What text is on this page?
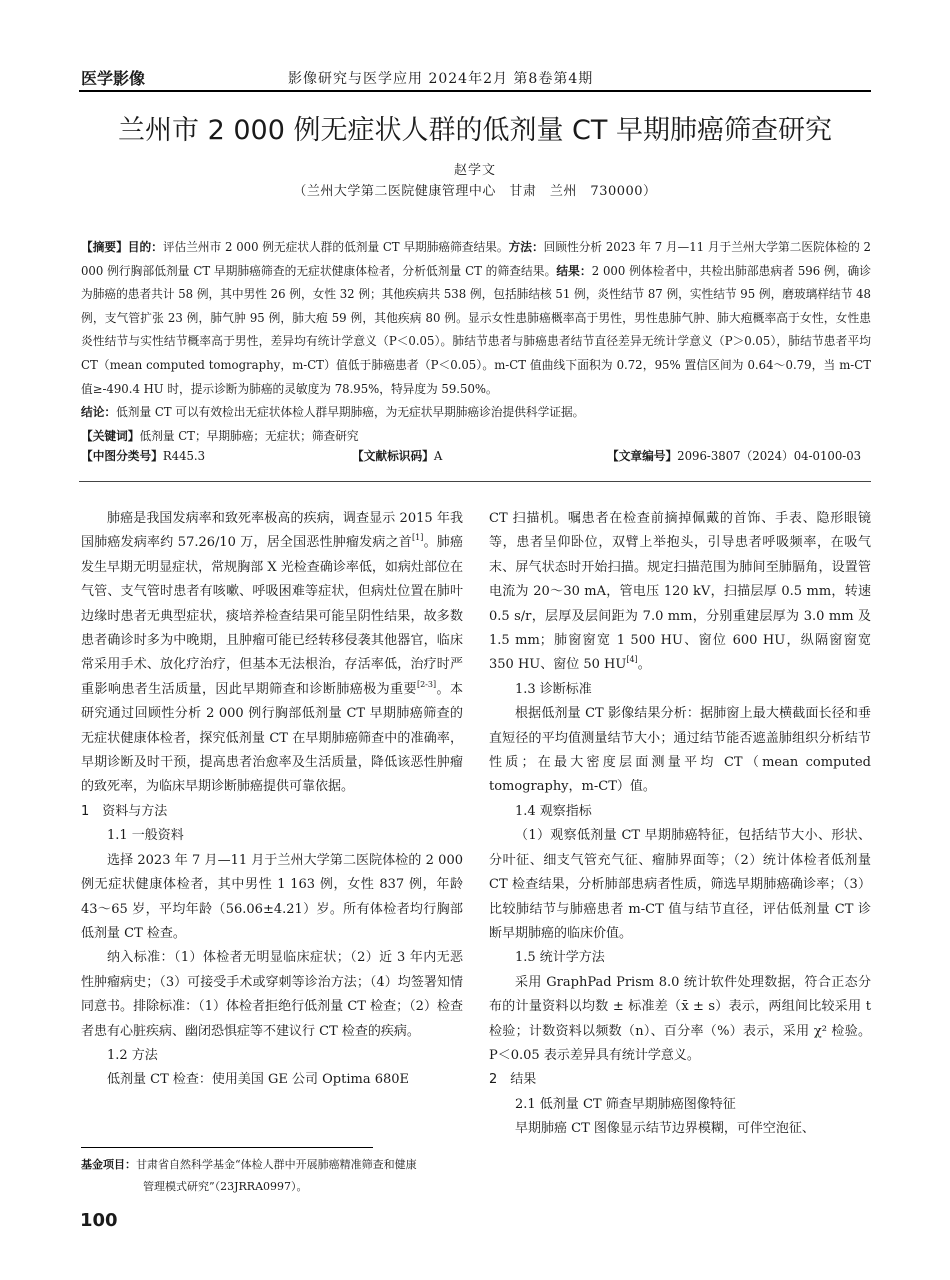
医学影像	影像研究与医学应用 2024年2月 第8卷第4期
兰州市 2 000 例无症状人群的低剂量 CT 早期肺癌筛查研究
赵学文
（兰州大学第二医院健康管理中心　甘肃　兰州　730000）
【摘要】目的：评估兰州市 2 000 例无症状人群的低剂量 CT 早期肺癌筛查结果。方法：回顾性分析 2023 年 7 月—11 月于兰州大学第二医院体检的 2 000 例行胸部低剂量 CT 早期肺癌筛查的无症状健康体检者，分析低剂量 CT 的筛查结果。结果：2 000 例体检者中，共检出肺部患病者 596 例，确诊为肺癌的患者共计 58 例，其中男性 26 例，女性 32 例；其他疾病共 538 例，包括肺结核 51 例，炎性结节 87 例，实性结节 95 例，磨玻璃样结节 48 例，支气管扩张 23 例，肺气肿 95 例，肺大疱 59 例，其他疾病 80 例。显示女性患肺癌概率高于男性，男性患肺气肿、肺大疱概率高于女性，女性患炎性结节与实性结节概率高于男性，差异均有统计学意义（P＜0.05）。肺结节患者与肺癌患者结节直径差异无统计学意义（P＞0.05），肺结节患者平均 CT（mean computed tomography，m-CT）值低于肺癌患者（P＜0.05）。m-CT 值曲线下面积为 0.72，95% 置信区间为 0.64～0.79，当 m-CT 值≥-490.4 HU 时，提示诊断为肺癌的灵敏度为 78.95%，特异度为 59.50%。
结论：低剂量 CT 可以有效检出无症状体检人群早期肺癌，为无症状早期肺癌诊治提供科学证据。
【关键词】低剂量 CT；早期肺癌；无症状；筛查研究
【中图分类号】R445.3	【文献标识码】A	【文章编号】2096-3807（2024）04-0100-03

肺癌是我国发病率和致死率极高的疾病，调查显示 2015 年我国肺癌发病率约 57.26/10 万，居全国恶性肿瘤发病之首[1]。肺癌发生早期无明显症状，常规胸部 X 光检查确诊率低，如病灶部位在气管、支气管时患者有咳嗽、呼吸困难等症状，但病灶位置在肺叶边缘时患者无典型症状，痰培养检查结果可能呈阴性结果，故多数患者确诊时多为中晚期，且肿瘤可能已经转移侵袭其他器官，临床常采用手术、放化疗治疗，但基本无法根治，存活率低，治疗时严重影响患者生活质量，因此早期筛查和诊断肺癌极为重要[2-3]。本研究通过回顾性分析 2 000 例行胸部低剂量 CT 早期肺癌筛查的无症状健康体检者，探究低剂量 CT 在早期肺癌筛查中的准确率，早期诊断及时干预，提高患者治愈率及生活质量，降低该恶性肿瘤的致死率，为临床早期诊断肺癌提供可靠依据。

1　资料与方法
1.1 一般资料

选择 2023 年 7 月—11 月于兰州大学第二医院体检的 2 000 例无症状健康体检者，其中男性 1 163 例，女性 837 例，年龄 43～65 岁，平均年龄（56.06±4.21）岁。所有体检者均行胸部低剂量 CT 检查。

纳入标准：（1）体检者无明显临床症状；（2）近 3 年内无恶性肿瘤病史；（3）可接受手术或穿刺等诊治方法；（4）均签署知情同意书。排除标准：（1）体检者拒绝行低剂量 CT 检查；（2）检查者患有心脏疾病、幽闭恐惧症等不建议行 CT 检查的疾病。

1.2 方法

低剂量 CT 检查：使用美国 GE 公司 Optima 680E

CT 扫描机。嘱患者在检查前摘掉佩戴的首饰、手表、隐形眼镜等，患者呈仰卧位，双臂上举抱头，引导患者呼吸频率，在吸气末、屏气状态时开始扫描。规定扫描范围为肺间至肺膈角，设置管电流为 20～30 mA，管电压 120 kV，扫描层厚 0.5 mm，转速 0.5 s/r，层厚及层间距为 7.0 mm，分别重建层厚为 3.0 mm 及 1.5 mm；肺窗窗宽 1 500 HU、窗位 600 HU，纵隔窗窗宽 350 HU、窗位 50 HU[4]。

1.3 诊断标准

根据低剂量 CT 影像结果分析：据肺窗上最大横截面长径和垂直短径的平均值测量结节大小；通过结节能否遮盖肺组织分析结节性质；在最大密度层面测量平均 CT（mean computed tomography，m-CT）值。

1.4 观察指标

（1）观察低剂量 CT 早期肺癌特征，包括结节大小、形状、分叶征、细支气管充气征、瘤肺界面等；（2）统计体检者低剂量 CT 检查结果，分析肺部患病者性质，筛选早期肺癌确诊率；（3）比较肺结节与肺癌患者 m-CT 值与结节直径，评估低剂量 CT 诊断早期肺癌的临床价值。

1.5 统计学方法

采用 GraphPad Prism 8.0 统计软件处理数据，符合正态分布的计量资料以均数 ± 标准差（x̄ ± s）表示，两组间比较采用 t 检验；计数资料以频数（n）、百分率（%）表示，采用 χ² 检验。P＜0.05 表示差异具有统计学意义。

2　结果
2.1 低剂量 CT 筛查早期肺癌图像特征

早期肺癌 CT 图像显示结节边界模糊，可伴空泡征、

基金项目：甘肃省自然科学基金“体检人群中开展肺癌精准筛查和健康
管理模式研究”（23JRRA0997）。
100
